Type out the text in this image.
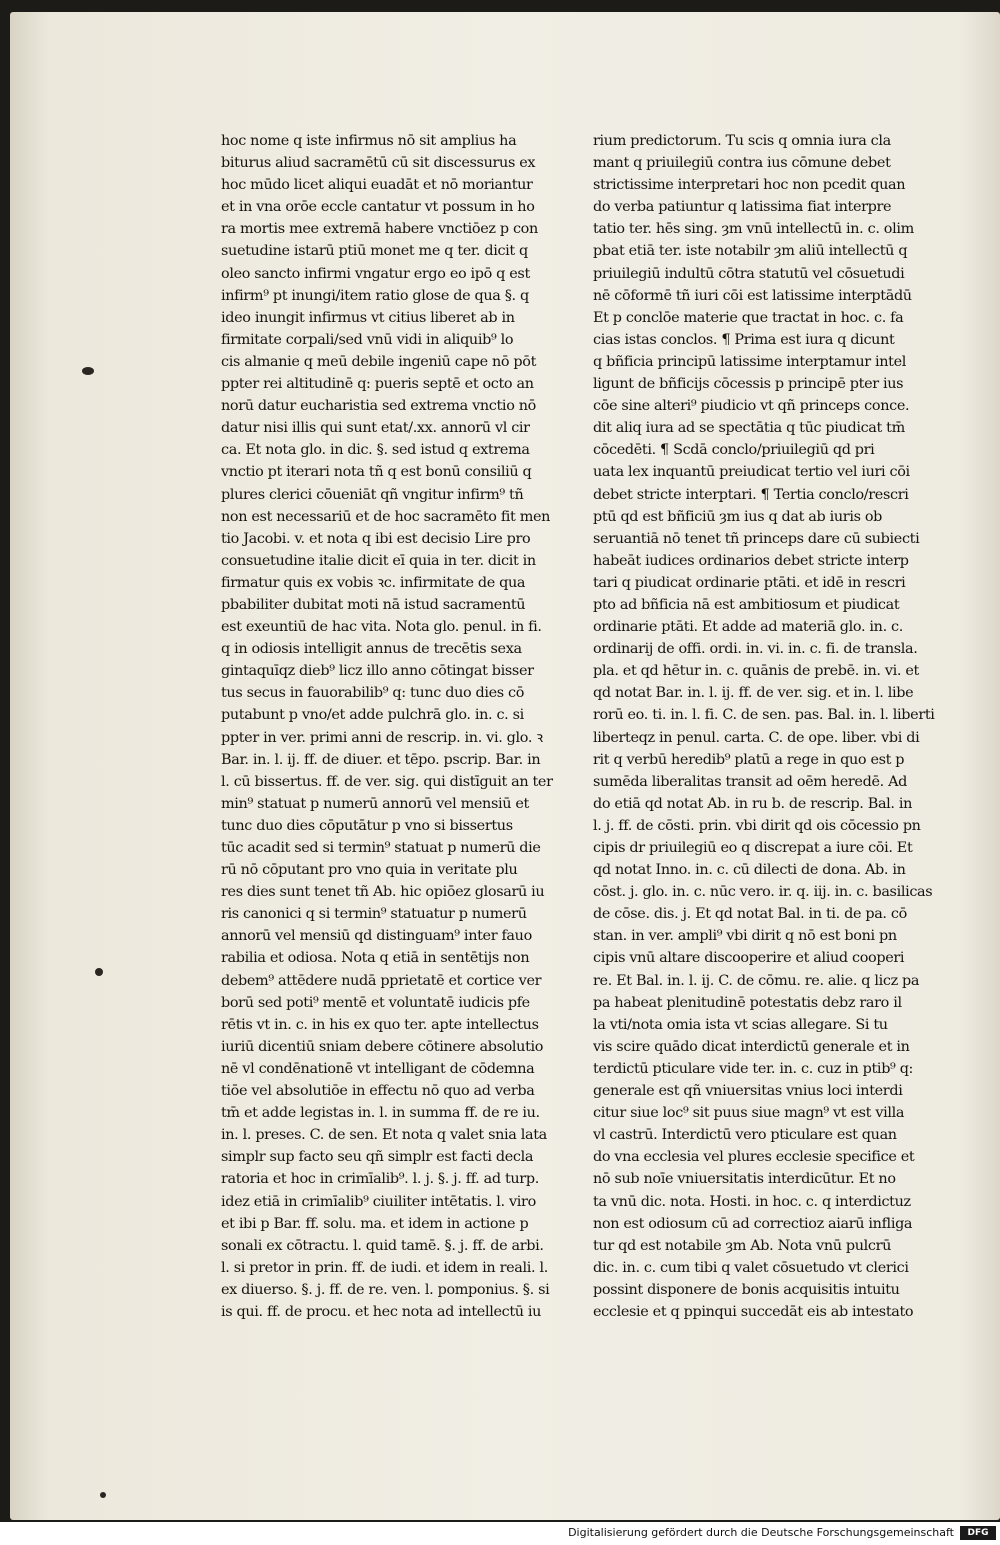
hoc nome q iste infirmus nō sit amplius ha
biturus aliud sacramētū cū sit discessurus ex
hoc mūdo licet aliqui euadāt et nō moriantur
et in vna orōe eccle cantatur vt possum in ho
ra mortis mee extremā habere vnctiōez p con
suetudine istarū ptiū monet me q ter. dicit q
oleo sancto infirmi vngatur ergo eo ipō q est
infirm⁹ pt inungi/item ratio glose de qua §. q
ideo inungit infirmus vt citius liberet ab in
firmitate corpali/sed vnū vidi in aliquib⁹ lo
cis almanie q meū debile ingeniū cape nō pōt
ppter rei altitudinē q: pueris septē et octo an
norū datur eucharistia sed extrema vnctio nō
datur nisi illis qui sunt etat/.xx. annorū vl cir
ca. Et nota glo. in dic. §. sed istud q extrema
vnctio pt iterari nota tñ q est bonū consiliū q
plures clerici cōueniāt qñ vngitur infirm⁹ tñ
non est necessariū et de hoc sacramēto fit men
tio Jacobi. v. et nota q ibi est decisio Lire pro
consuetudine italie dicit eī quia in ter. dicit in
firmatur quis ex vobis ꝛc. infirmitate de qua
pbabiliter dubitat moti nā istud sacramentū
est exeuntiū de hac vita. Nota glo. penul. in fi.
q in odiosis intelligit annus de trecētis sexa
gintaquīqz dieb⁹ licz illo anno cōtingat bisser
tus secus in fauorabilib⁹ q: tunc duo dies cō
putabunt p vno/et adde pulchrā glo. in. c. si
ppter in ver. primi anni de rescrip. in. vi. glo. ꝛ
Bar. in. l. ij. ff. de diuer. et tēpo. pscrip. Bar. in
l. cū bissertus. ff. de ver. sig. qui distīguit an ter
min⁹ statuat p numerū annorū vel mensiū et
tunc duo dies cōputātur p vno si bissertus
tūc acadit sed si termin⁹ statuat p numerū die
rū nō cōputant pro vno quia in veritate plu
res dies sunt tenet tñ Ab. hic opiōez glosarū iu
ris canonici q si termin⁹ statuatur p numerū
annorū vel mensiū qd distinguam⁹ inter fauo
rabilia et odiosa. Nota q etiā in sentētijs non
debem⁹ attēdere nudā pprietatē et cortice ver
borū sed poti⁹ mentē et voluntatē iudicis pfe
rētis vt in. c. in his ex quo ter. apte intellectus
iuriū dicentiū sniam debere cōtinere absolutio
nē vl condēnationē vt intelligant de cōdemna
tiōe vel absolutiōe in effectu nō quo ad verba
tm̄ et adde legistas in. l. in summa ff. de re iu.
in. l. preses. C. de sen. Et nota q valet snia lata
simplr sup facto seu qñ simplr est facti decla
ratoria et hoc in crimīalib⁹. l. j. §. j. ff. ad turp.
idez etiā in crimīalib⁹ ciuiliter intētatis. l. viro
et ibi p Bar. ff. solu. ma. et idem in actione p
sonali ex cōtractu. l. quid tamē. §. j. ff. de arbi.
l. si pretor in prin. ff. de iudi. et idem in reali. l.
ex diuerso. §. j. ff. de re. ven. l. pomponius. §. si
is qui. ff. de procu. et hec nota ad intellectū iu
rium predictorum. Tu scis q omnia iura cla
mant q priuilegiū contra ius cōmune debet
strictissime interpretari hoc non pcedit quan
do verba patiuntur q latissima fiat interpre
tatio ter. hēs sing. ȝm vnū intellectū in. c. olim
pbat etiā ter. iste notabilr ȝm aliū intellectū q
priuilegiū indultū cōtra statutū vel cōsuetudi
nē cōformē tñ iuri cōi est latissime interptādū
Et p conclōe materie que tractat in hoc. c. fa
cias istas conclos. ¶ Prima est iura q dicunt
q bñficia principū latissime interptamur intel
ligunt de bñficijs cōcessis p principē pter ius
cōe sine alteri⁹ piudicio vt qñ princeps conce.
dit aliq iura ad se spectātia q tūc piudicat tm̄
cōcedēti. ¶ Scdā conclo/priuilegiū qd pri
uata lex inquantū preiudicat tertio vel iuri cōi
debet stricte interptari. ¶ Tertia conclo/rescri
ptū qd est bñficiū ȝm ius q dat ab iuris ob
seruantiā nō tenet tñ princeps dare cū subiecti
habeāt iudices ordinarios debet stricte interp
tari q piudicat ordinarie ptāti. et idē in rescri
pto ad bñficia nā est ambitiosum et piudicat
ordinarie ptāti. Et adde ad materiā glo. in. c.
ordinarij de offi. ordi. in. vi. in. c. fi. de transla.
pla. et qd hētur in. c. quānis de prebē. in. vi. et
qd notat Bar. in. l. ij. ff. de ver. sig. et in. l. libe
rorū eo. ti. in. l. fi. C. de sen. pas. Bal. in. l. liberti
liberteqz in penul. carta. C. de ope. liber. vbi di
rit q verbū heredib⁹ platū a rege in quo est p
sumēda liberalitas transit ad oēm heredē. Ad
do etiā qd notat Ab. in ru b. de rescrip. Bal. in
l. j. ff. de cōsti. prin. vbi dirit qd ois cōcessio pn
cipis dr priuilegiū eo q discrepat a iure cōi. Et
qd notat Inno. in. c. cū dilecti de dona. Ab. in
cōst. j. glo. in. c. nūc vero. ir. q. iij. in. c. basilicas
de cōse. dis. j. Et qd notat Bal. in ti. de pa. cō
stan. in ver. ampli⁹ vbi dirit q nō est boni pn
cipis vnū altare discooperire et aliud cooperi
re. Et Bal. in. l. ij. C. de cōmu. re. alie. q licz pa
pa habeat plenitudinē potestatis debz raro il
la vti/nota omia ista vt scias allegare. Si tu
vis scire quādo dicat interdictū generale et in
terdictū pticulare vide ter. in. c. cuz in ptib⁹ q:
generale est qñ vniuersitas vnius loci interdi
citur siue loc⁹ sit puus siue magn⁹ vt est villa
vl castrū. Interdictū vero pticulare est quan
do vna ecclesia vel plures ecclesie specifice et
nō sub noīe vniuersitatis interdicūtur. Et no
ta vnū dic. nota. Hosti. in hoc. c. q interdictuz
non est odiosum cū ad correctioz aiarū infliga
tur qd est notabile ȝm Ab. Nota vnū pulcrū
dic. in. c. cum tibi q valet cōsuetudo vt clerici
possint disponere de bonis acquisitis intuitu
ecclesie et q ppinqui succedāt eis ab intestato
Digitalisierung gefördert durch die Deutsche Forschungsgemeinschaft	DFG
